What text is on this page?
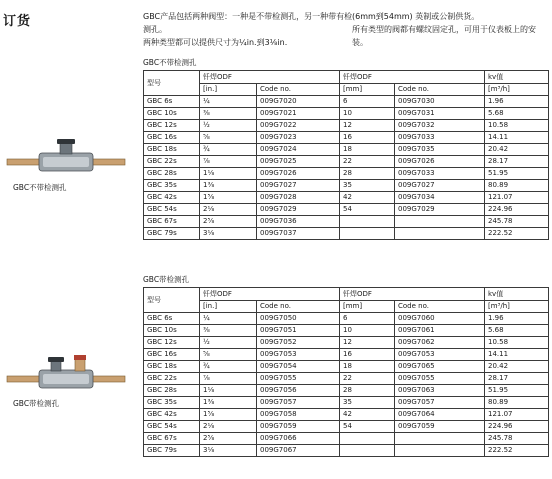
订货	GBC产品包括两种阀型：一种是不带检测孔，另一种带有检测孔。

两种类型都可以提供尺寸为¼in.到3⅛in.

(6mm到54mm) 英制或公制供货。

所有类型的阀都有螺纹固定孔，可用于仪表板上的安装。

GBC不带检测孔
GBC不带检测孔
型号	钎焊ODF		钎焊ODF		kv值
	[in.]	Code no.	[mm]	Code no.	[m³/h]
GBC 6s	¼	009G7020	6	009G7030	1.96
GBC 10s	⅜	009G7021	10	009G7031	5.68
GBC 12s	½	009G7022	12	009G7032	10.58
GBC 16s	⅝	009G7023	16	009G7033	14.11
GBC 18s	¾	009G7024	18	009G7035	20.42
GBC 22s	⅞	009G7025	22	009G7026	28.17
GBC 28s	1⅛	009G7026	28	009G7033	51.95
GBC 35s	1⅜	009G7027	35	009G7027	80.89
GBC 42s	1⅝	009G7028	42	009G7034	121.07
GBC 54s	2⅛	009G7029	54	009G7029	224.96
GBC 67s	2⅝	009G7036			245.78
GBC 79s	3⅛	009G7037			222.52
GBC带检测孔
GBC带检测孔
型号	钎焊ODF		钎焊ODF		kv值
	[in.]	Code no.	[mm]	Code no.	[m³/h]
GBC 6s	¼	009G7050	6	009G7060	1.96
GBC 10s	⅜	009G7051	10	009G7061	5.68
GBC 12s	½	009G7052	12	009G7062	10.58
GBC 16s	⅝	009G7053	16	009G7053	14.11
GBC 18s	¾	009G7054	18	009G7065	20.42
GBC 22s	⅞	009G7055	22	009G7055	28.17
GBC 28s	1⅛	009G7056	28	009G7063	51.95
GBC 35s	1⅜	009G7057	35	009G7057	80.89
GBC 42s	1⅝	009G7058	42	009G7064	121.07
GBC 54s	2⅛	009G7059	54	009G7059	224.96
GBC 67s	2⅝	009G7066			245.78
GBC 79s	3⅛	009G7067			222.52
